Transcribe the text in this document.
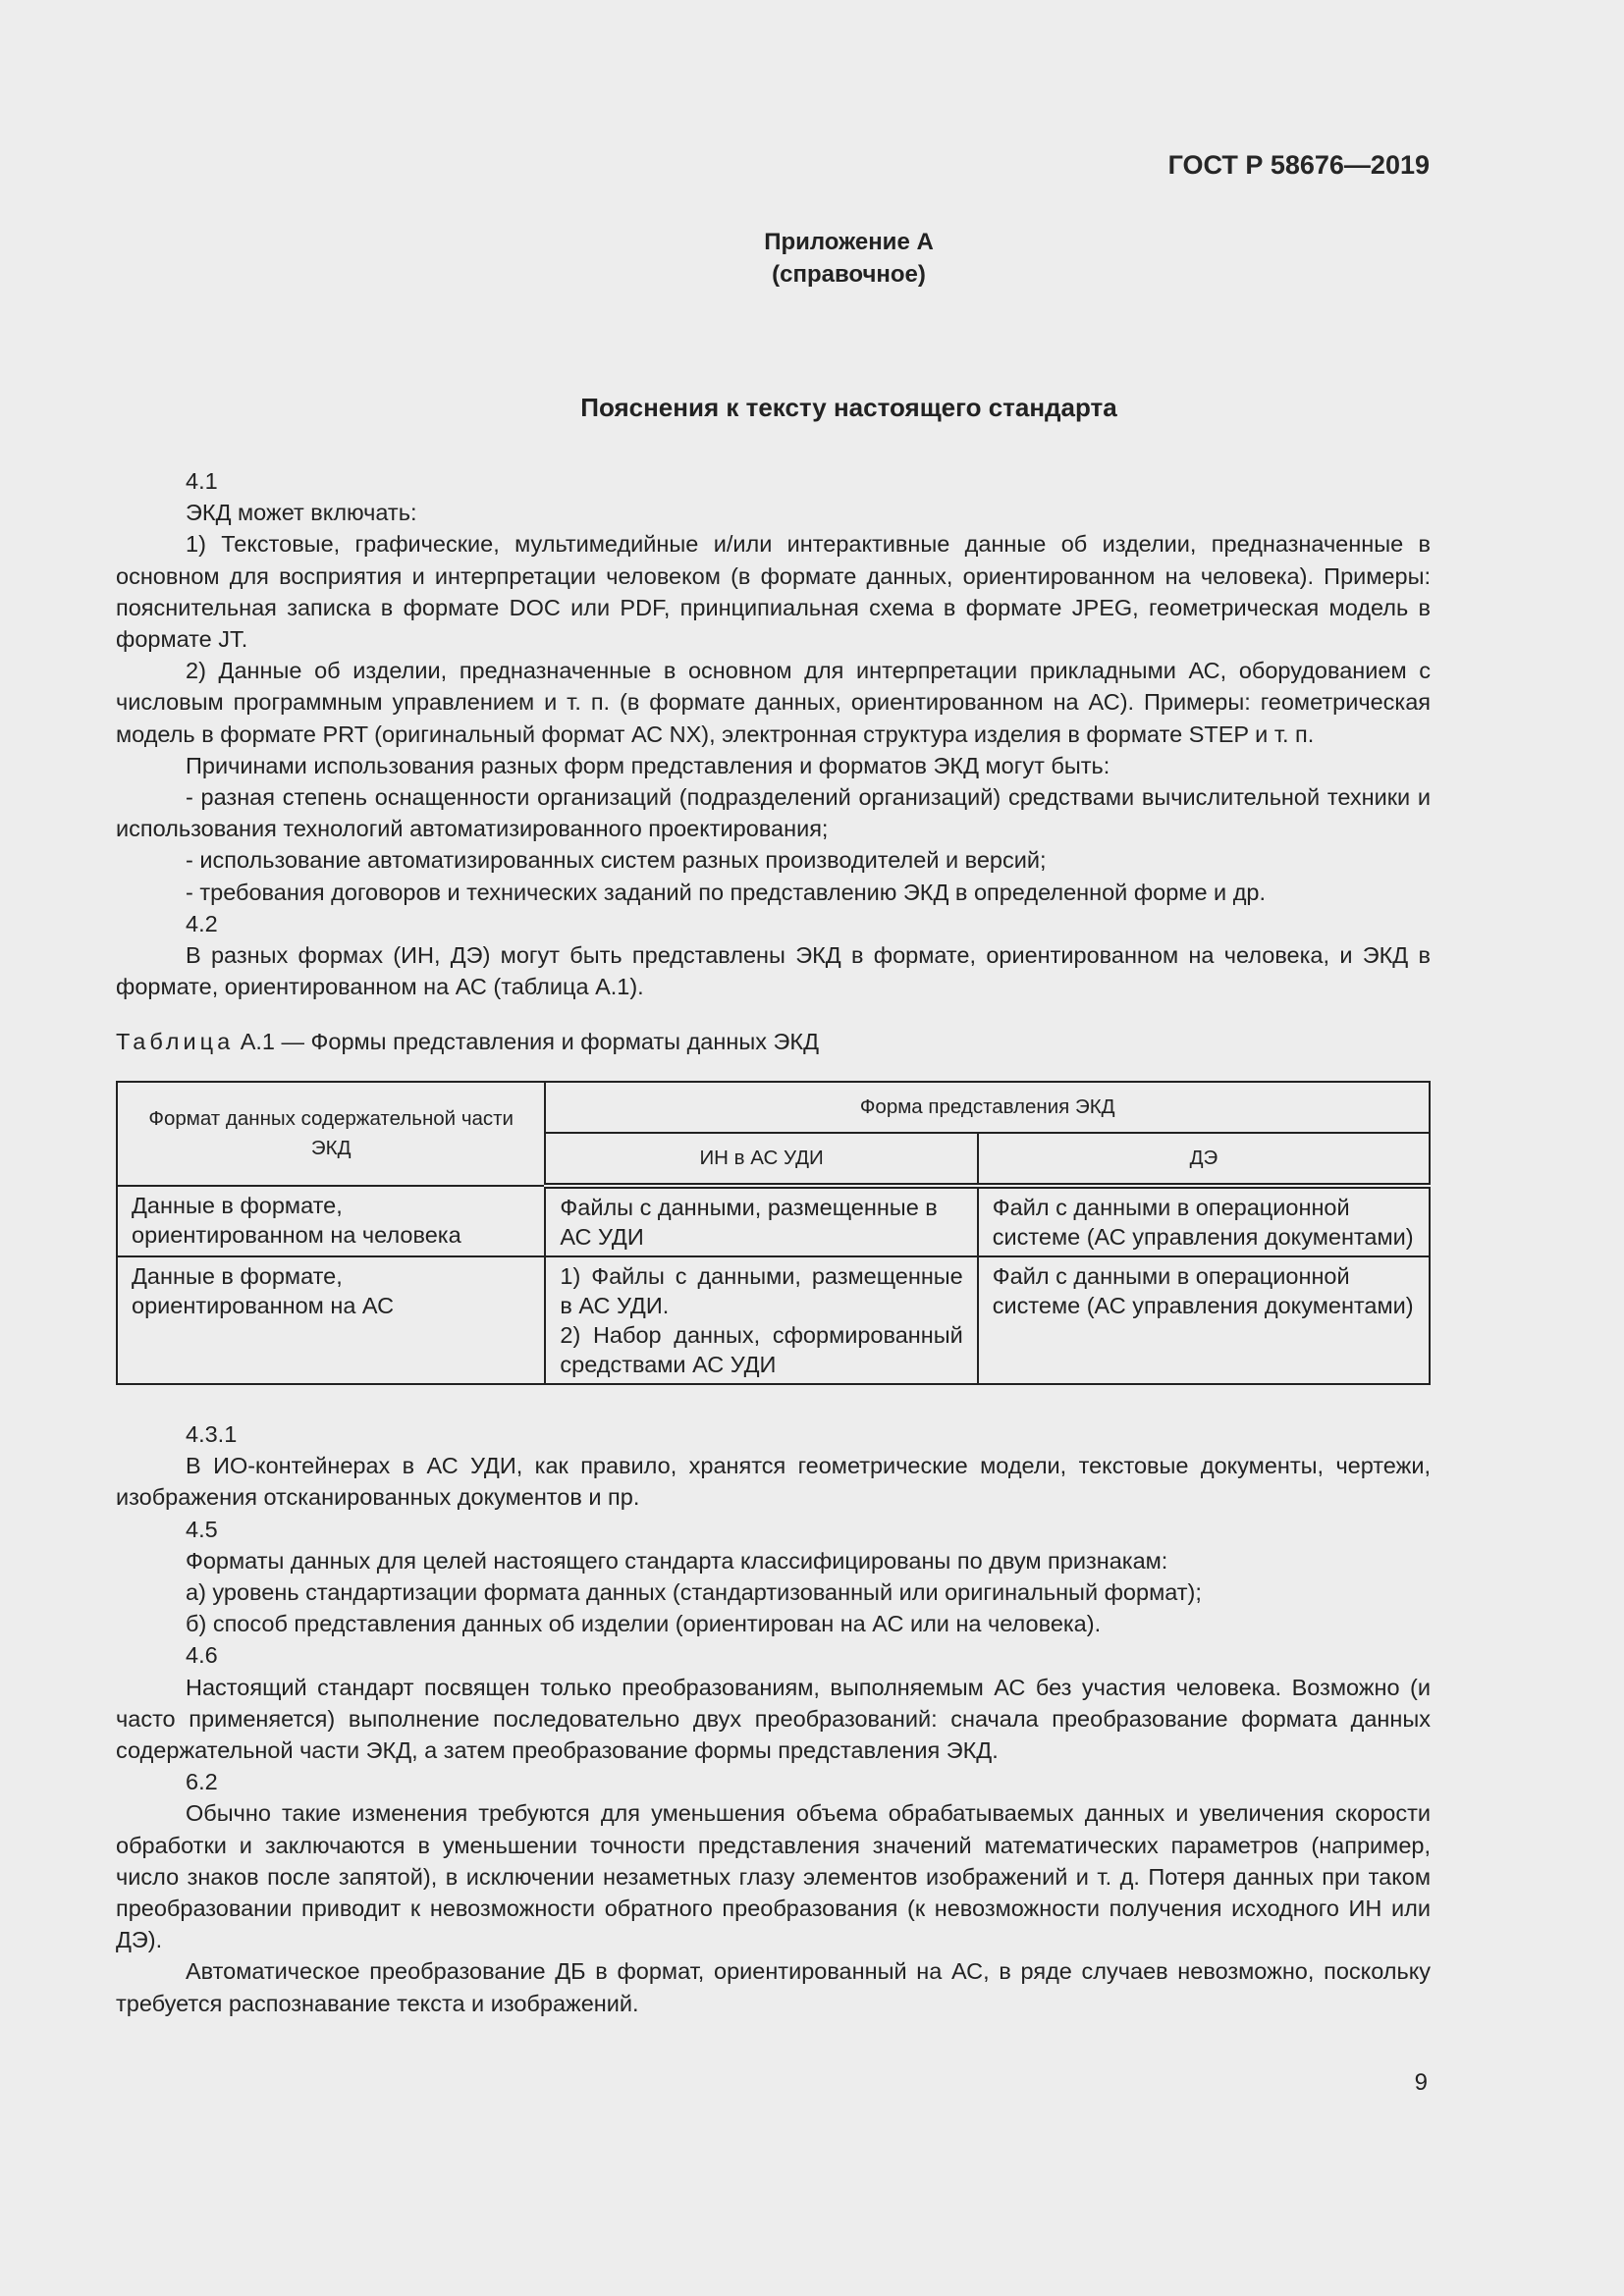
ГОСТ Р 58676—2019
Приложение А
(справочное)
Пояснения к тексту настоящего стандарта

4.1

ЭКД может включать:

1) Текстовые, графические, мультимедийные и/или интерактивные данные об изделии, предназначенные в основном для восприятия и интерпретации человеком (в формате данных, ориентированном на человека). Примеры: пояснительная записка в формате DOC или PDF, принципиальная схема в формате JPEG, геометрическая модель в формате JT.

2) Данные об изделии, предназначенные в основном для интерпретации прикладными АС, оборудованием с числовым программным управлением и т. п. (в формате данных, ориентированном на АС). Примеры: геометрическая модель в формате PRT (оригинальный формат АС NX), электронная структура изделия в формате STEP и т. п.

Причинами использования разных форм представления и форматов ЭКД могут быть:

- разная степень оснащенности организаций (подразделений организаций) средствами вычислительной техники и использования технологий автоматизированного проектирования;

- использование автоматизированных систем разных производителей и версий;

- требования договоров и технических заданий по представлению ЭКД в определенной форме и др.

4.2

В разных формах (ИН, ДЭ) могут быть представлены ЭКД в формате, ориентированном на человека, и ЭКД в формате, ориентированном на АС (таблица А.1).

Таблица А.1 — Формы представления и форматы данных ЭКД
Формат данных содержательной части ЭКД	Форма представления ЭКД	
	ИН в АС УДИ	ДЭ
Данные в формате, ориентированном на человека	Файлы с данными, размещенные в АС УДИ	Файл с данными в операционной системе (АС управления документами)
Данные в формате, ориентированном на АС	1) Файлы с данными, размещенные в АС УДИ.
2) Набор данных, сформированный средствами АС УДИ	Файл с данными в операционной системе (АС управления документами)

4.3.1

В ИО-контейнерах в АС УДИ, как правило, хранятся геометрические модели, текстовые документы, чертежи, изображения отсканированных документов и пр.

4.5

Форматы данных для целей настоящего стандарта классифицированы по двум признакам:

а) уровень стандартизации формата данных (стандартизованный или оригинальный формат);

б) способ представления данных об изделии (ориентирован на АС или на человека).

4.6

Настоящий стандарт посвящен только преобразованиям, выполняемым АС без участия человека. Возможно (и часто применяется) выполнение последовательно двух преобразований: сначала преобразование формата данных содержательной части ЭКД, а затем преобразование формы представления ЭКД.

6.2

Обычно такие изменения требуются для уменьшения объема обрабатываемых данных и увеличения скорости обработки и заключаются в уменьшении точности представления значений математических параметров (например, число знаков после запятой), в исключении незаметных глазу элементов изображений и т. д. Потеря данных при таком преобразовании приводит к невозможности обратного преобразования (к невозможности получения исходного ИН или ДЭ).

Автоматическое преобразование ДБ в формат, ориентированный на АС, в ряде случаев невозможно, поскольку требуется распознавание текста и изображений.

9
